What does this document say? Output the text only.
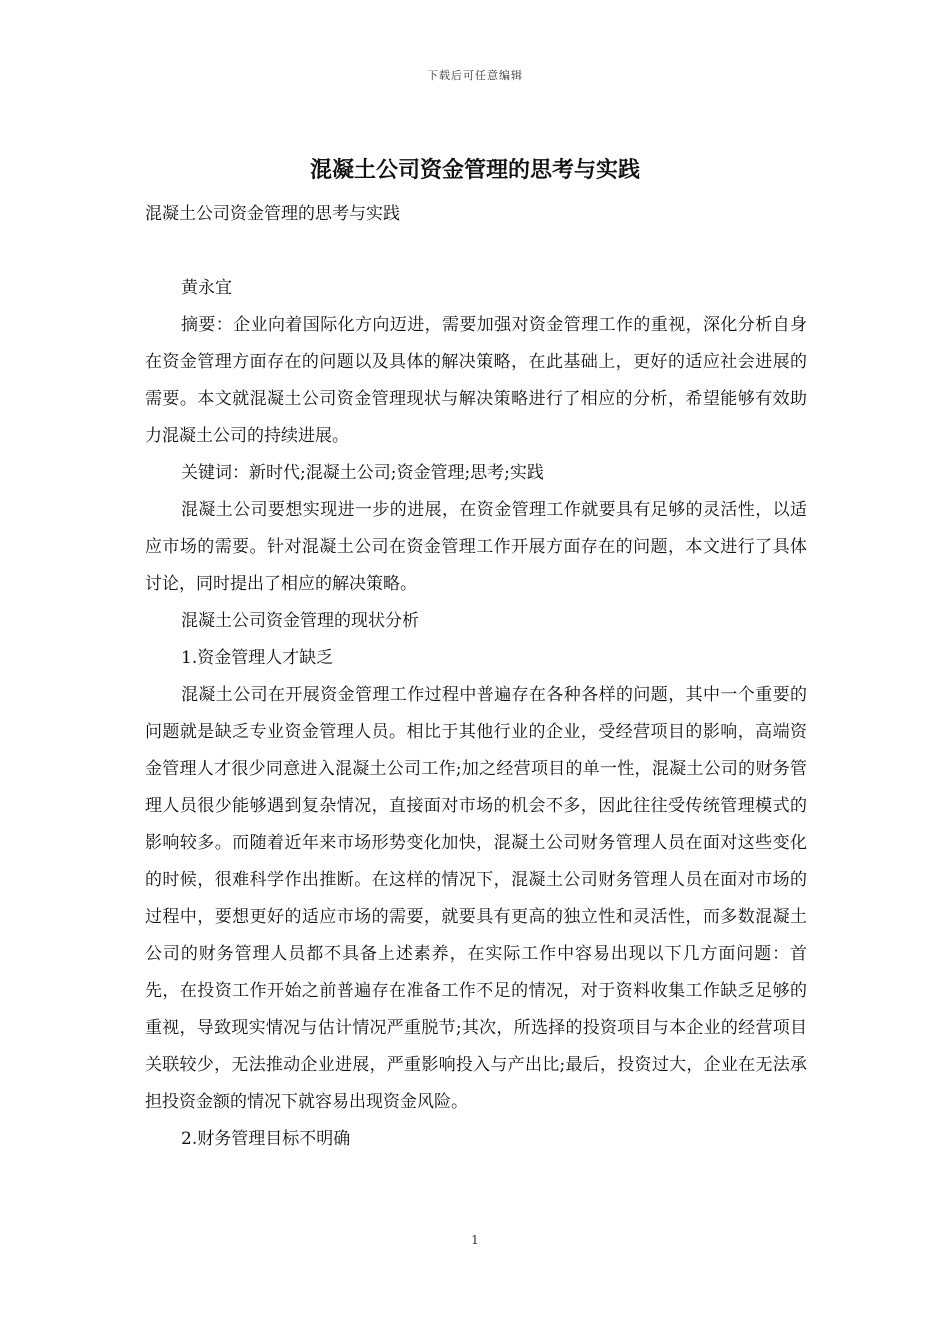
下载后可任意编辑
混凝土公司资金管理的思考与实践

混凝土公司资金管理的思考与实践

黄永宜

摘要：企业向着国际化方向迈进，需要加强对资金管理工作的重视，深化分析自身在资金管理方面存在的问题以及具体的解决策略，在此基础上，更好的适应社会进展的需要。本文就混凝土公司资金管理现状与解决策略进行了相应的分析，希望能够有效助力混凝土公司的持续进展。

关键词：新时代;混凝土公司;资金管理;思考;实践

混凝土公司要想实现进一步的进展，在资金管理工作就要具有足够的灵活性，以适应市场的需要。针对混凝土公司在资金管理工作开展方面存在的问题，本文进行了具体讨论，同时提出了相应的解决策略。

混凝土公司资金管理的现状分析

1.资金管理人才缺乏

混凝土公司在开展资金管理工作过程中普遍存在各种各样的问题，其中一个重要的问题就是缺乏专业资金管理人员。相比于其他行业的企业，受经营项目的影响，高端资金管理人才很少同意进入混凝土公司工作;加之经营项目的单一性，混凝土公司的财务管理人员很少能够遇到复杂情况，直接面对市场的机会不多，因此往往受传统管理模式的影响较多。而随着近年来市场形势变化加快，混凝土公司财务管理人员在面对这些变化的时候，很难科学作出推断。在这样的情况下，混凝土公司财务管理人员在面对市场的过程中，要想更好的适应市场的需要，就要具有更高的独立性和灵活性，而多数混凝土公司的财务管理人员都不具备上述素养，在实际工作中容易出现以下几方面问题：首先，在投资工作开始之前普遍存在准备工作不足的情况，对于资料收集工作缺乏足够的重视，导致现实情况与估计情况严重脱节;其次，所选择的投资项目与本企业的经营项目关联较少，无法推动企业进展，严重影响投入与产出比;最后，投资过大，企业在无法承担投资金额的情况下就容易出现资金风险。

2.财务管理目标不明确

1
